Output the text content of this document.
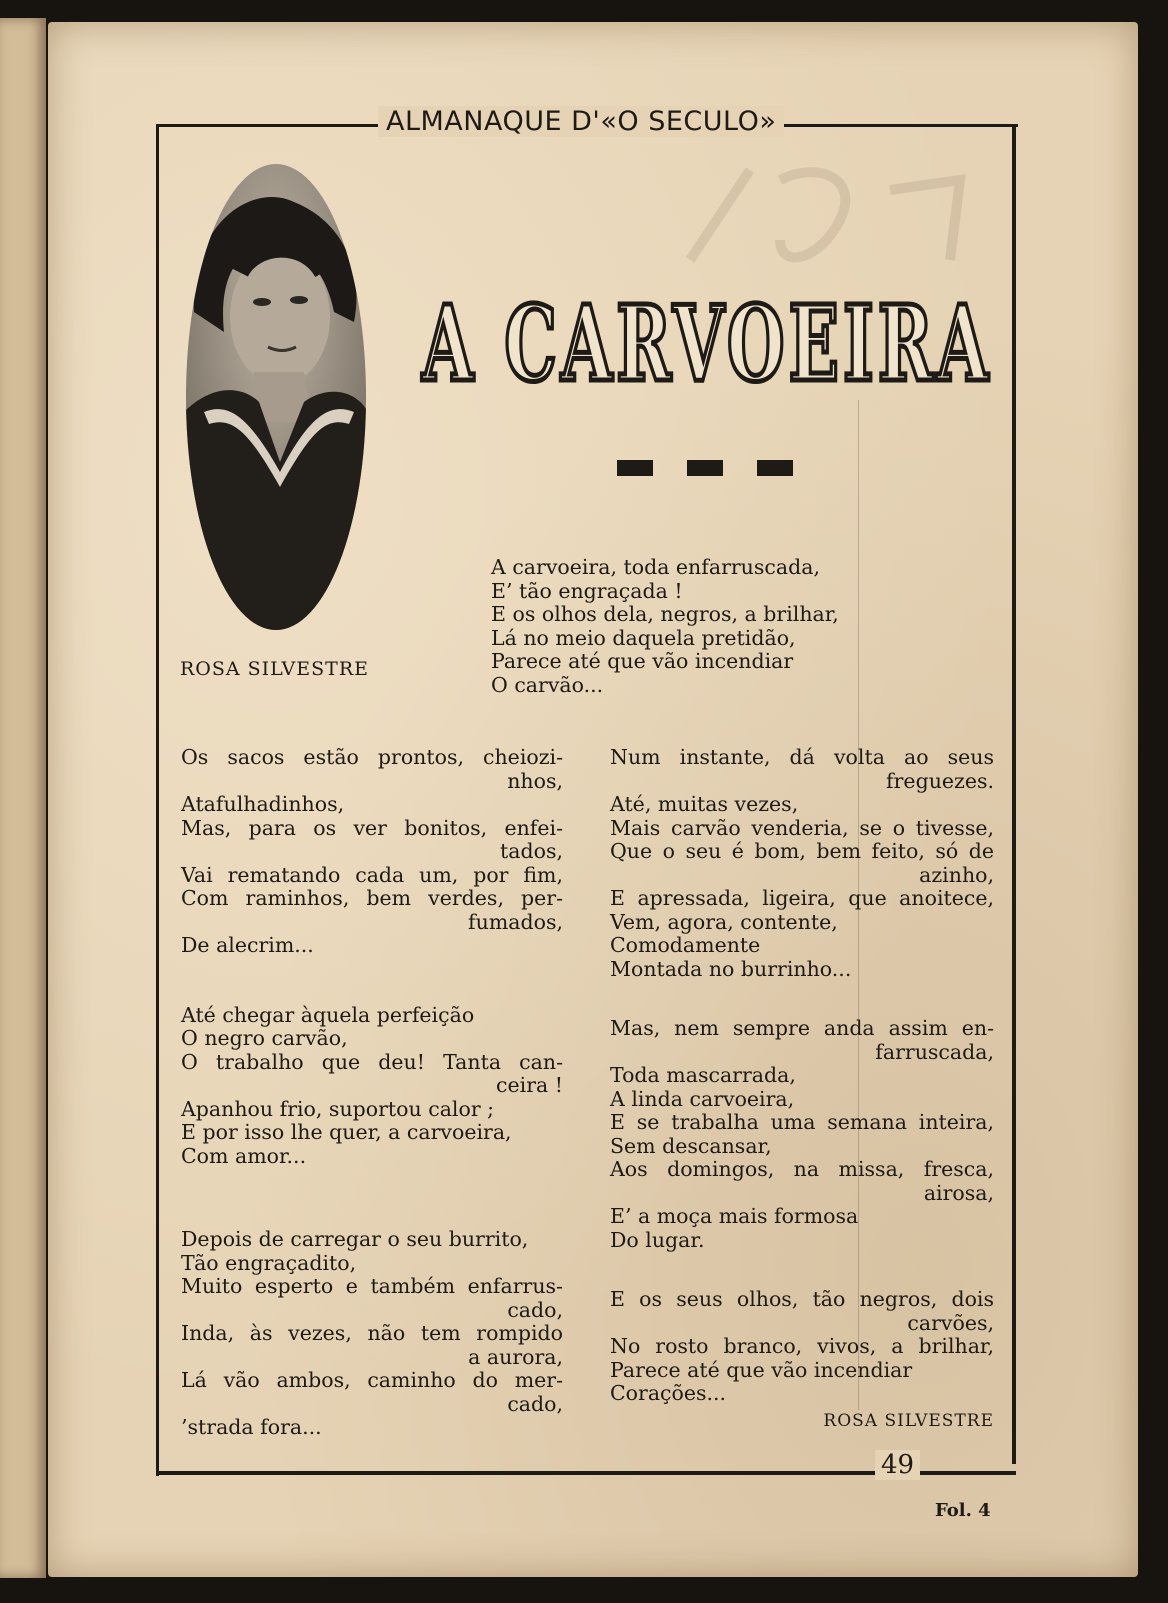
ALMANAQUE D'«O SECULO»
ROSA SILVESTRE
A CARVOEIRA
A carvoeira, toda enfarruscada,
E’ tão engraçada !
E os olhos dela, negros, a brilhar,
Lá no meio daquela pretidão,
Parece até que vão incendiar
O carvão...
Os sacos estão prontos, cheiozi-
nhos,
Atafulhadinhos,
Mas, para os ver bonitos, enfei-
tados,
Vai rematando cada um, por fim,
Com raminhos, bem verdes, per-
fumados,
De alecrim...
Até chegar àquela perfeição
O negro carvão,
O trabalho que deu! Tanta can-
ceira !
Apanhou frio, suportou calor ;
E por isso lhe quer, a carvoeira,
Com amor...
Depois de carregar o seu burrito,
Tão engraçadito,
Muito esperto e também enfarrus-
cado,
Inda, às vezes, não tem rompido
a aurora,
Lá vão ambos, caminho do mer-
cado,
’strada fora...
Num instante, dá volta ao seus
freguezes.
Até, muitas vezes,
Mais carvão venderia, se o tivesse,
Que o seu é bom, bem feito, só de
azinho,
E apressada, ligeira, que anoitece,
Vem, agora, contente,
Comodamente
Montada no burrinho...
Mas, nem sempre anda assim en-
farruscada,
Toda mascarrada,
A linda carvoeira,
E se trabalha uma semana inteira,
Sem descansar,
Aos domingos, na missa, fresca,
airosa,
E’ a moça mais formosa
Do lugar.
E os seus olhos, tão negros, dois
carvões,
No rosto branco, vivos, a brilhar,
Parece até que vão incendiar
Corações...
ROSA SILVESTRE
49
Fol. 4
